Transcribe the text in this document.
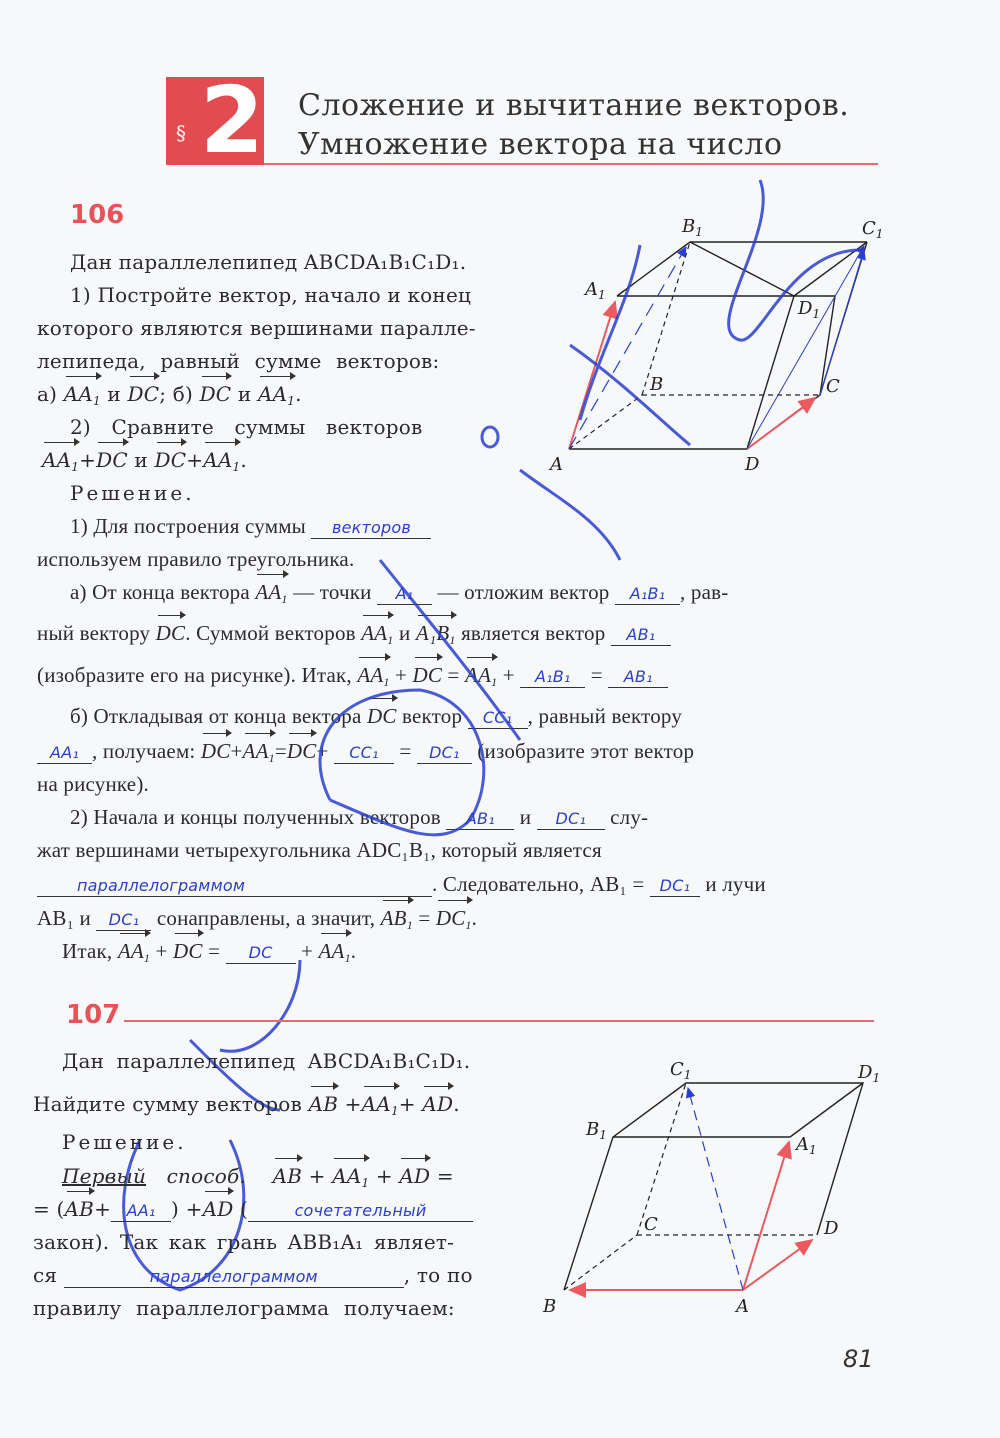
§ 2 Сложение и вычитание векторов.
Умножение вектора на число
106
Дан параллелепипед ABCDA₁B₁C₁D₁.
1) Постройте вектор, начало и конец
которого являются вершинами паралле-
лепипеда, равный сумме векторов:
а) $AA_1$ и DC; б) DC и $AA_1$.
2) Сравните суммы векторов
$AA_1+DC$ и $DC+AA_1$.
Решение.
1) Для построения суммы векторов
используем правило треугольника.
а) От конца вектора $AA_1$ — точки A₁ — отложим вектор A₁B₁ , рав-
ный вектору DC. Суммой векторов $AA_1$ и $A_1B_1$ является вектор AB₁
(изобразите его на рисунке). Итак, $AA_1$ + DC = $AA_1 + A_1B_1 = AB_1$
б) Откладывая от конца вектора DC вектор CC₁ , равный вектору
AA₁ , получаем: $DC+AA_1=DC+ CC_1 = DC_1$ (изобразите этот вектор
на рисунке).
2) Начала и концы полученных векторов AB₁ и DC₁ слу-
жат вершинами четырехугольника ADC₁B₁, который является
параллелограммом	. Следовательно, AB₁ = DC₁ и лучи
AB₁ и DC₁ сонаправлены, а значит, $AB_1 = DC_1$.
Итак, $AA_1$ + DC = DC + $AA_1$.
$B_1$	$C_1$
$A_1$
$D_1$
B	C
A	D
107
Дан параллелепипед ABCDA₁B₁C₁D₁.
Найдите сумму векторов AB $+AA_1+$ AD.
Решение.
Первый способ. AB + $AA_1$ + AD =
= (AB+ AA₁ ) +AD (	сочетательный
закон). Так как грань ABB₁A₁ являет-
ся	параллелограммом	, то по
правилу параллелограмма получаем:
$C_1$	$D_1$
$B_1$	$A_1$
C	D
B	A
81
